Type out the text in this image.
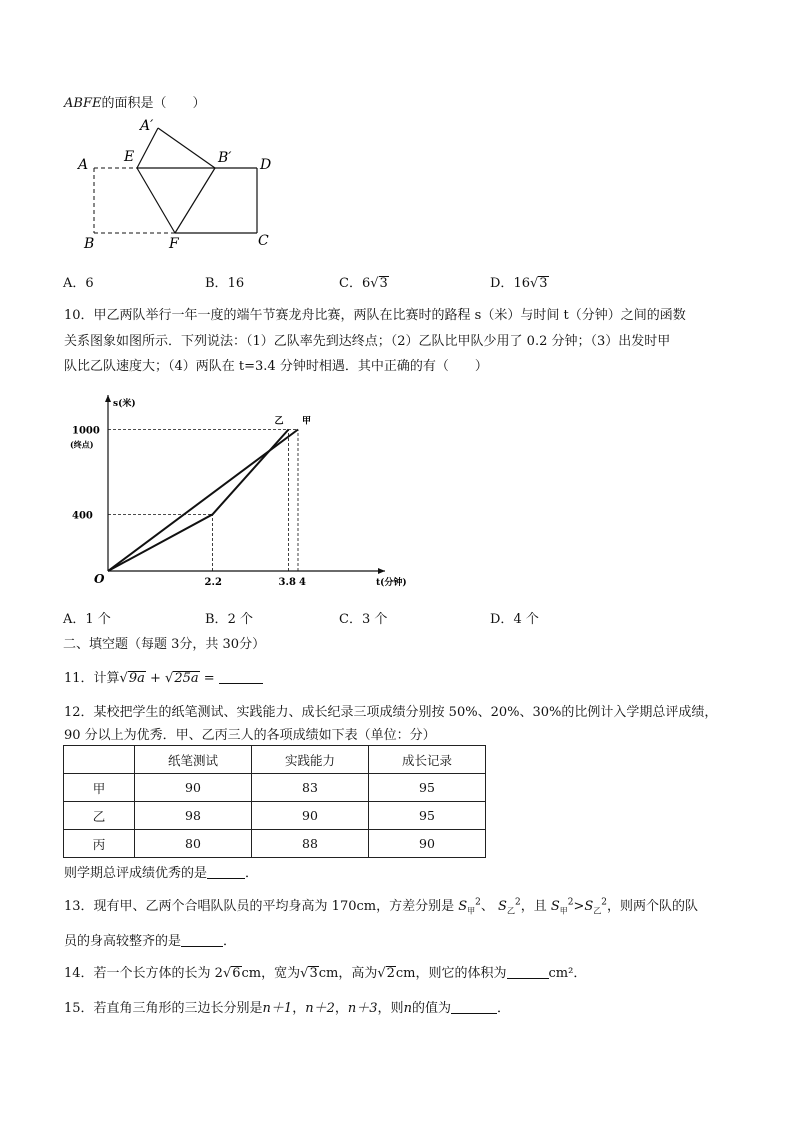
ABFE的面积是（　　）
A
A′
E	B′ D
B	F	C
A．6	B．16	C．6√3	D．16√3
10．甲乙两队举行一年一度的端午节赛龙舟比赛，两队在比赛时的路程 s（米）与时间 t（分钟）之间的函数
关系图象如图所示．下列说法：（1）乙队率先到达终点；（2）乙队比甲队少用了 0.2 分钟；（3）出发时甲
队比乙队速度大；（4）两队在 t=3.4 分钟时相遇．其中正确的有（　　）
s(米)
t(分钟)
O
400
1000
(终点)
2.2	3.8 4
甲
乙
A．1 个	B．2 个	C．3 个	D．4 个
二、填空题（每题 3分，共 30分）
11．计算√9a + √25a =
12．某校把学生的纸笔测试、实践能力、成长纪录三项成绩分别按 50%、20%、30%的比例计入学期总评成绩，
90 分以上为优秀．甲、乙丙三人的各项成绩如下表（单位：分）
	纸笔测试	实践能力	成长记录
甲	90	83	95
乙	98	90	95
丙	80	88	90
则学期总评成绩优秀的是	．
13．现有甲、乙两个合唱队队员的平均身高为 170cm，方差分别是 $S_甲^2$、 $S_乙^2$，且 $S_甲^2>S_乙^2$，则两个队的队
员的身高较整齐的是	．
14．若一个长方体的长为 2√6cm，宽为√3cm，高为√2cm，则它的体积为	cm²．
15．若直角三角形的三边长分别是n＋1，n＋2，n＋3，则n的值为	．
